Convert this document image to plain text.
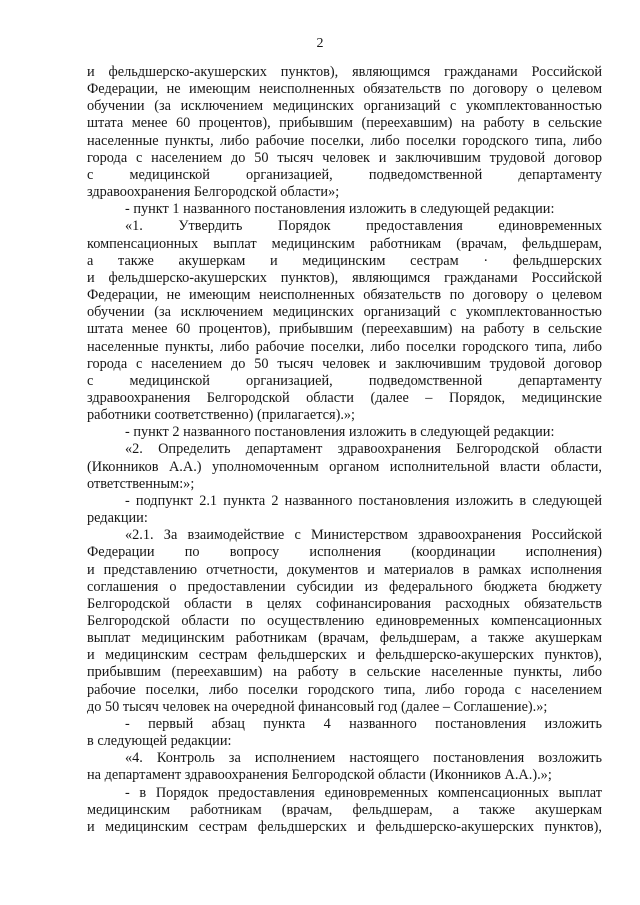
2

и фельдшерско-акушерских пунктов), являющимся гражданами Российской

Федерации, не имеющим неисполненных обязательств по договору о целевом

обучении (за исключением медицинских организаций с укомплектованностью

штата менее 60 процентов), прибывшим (переехавшим) на работу в сельские

населенные пункты, либо рабочие поселки, либо поселки городского типа, либо

города с населением до 50 тысяч человек и заключившим трудовой договор

с медицинской организацией, подведомственной департаменту

здравоохранения Белгородской области»;

- пункт 1 названного постановления изложить в следующей редакции:

«1. Утвердить Порядок предоставления единовременных

компенсационных выплат медицинским работникам (врачам, фельдшерам,

а также акушеркам и медицинским сестрам · фельдшерских

и фельдшерско-акушерских пунктов), являющимся гражданами Российской

Федерации, не имеющим неисполненных обязательств по договору о целевом

обучении (за исключением медицинских организаций с укомплектованностью

штата менее 60 процентов), прибывшим (переехавшим) на работу в сельские

населенные пункты, либо рабочие поселки, либо поселки городского типа, либо

города с населением до 50 тысяч человек и заключившим трудовой договор

с медицинской организацией, подведомственной департаменту

здравоохранения Белгородской области (далее – Порядок, медицинские

работники соответственно) (прилагается).»;

- пункт 2 названного постановления изложить в следующей редакции:

«2. Определить департамент здравоохранения Белгородской области

(Иконников А.А.) уполномоченным органом исполнительной власти области,

ответственным:»;

- подпункт 2.1 пункта 2 названного постановления изложить в следующей

редакции:

«2.1. За взаимодействие с Министерством здравоохранения Российской

Федерации по вопросу исполнения (координации исполнения)

и представлению отчетности, документов и материалов в рамках исполнения

соглашения о предоставлении субсидии из федерального бюджета бюджету

Белгородской области в целях софинансирования расходных обязательств

Белгородской области по осуществлению единовременных компенсационных

выплат медицинским работникам (врачам, фельдшерам, а также акушеркам

и медицинским сестрам фельдшерских и фельдшерско-акушерских пунктов),

прибывшим (переехавшим) на работу в сельские населенные пункты, либо

рабочие поселки, либо поселки городского типа, либо города с населением

до 50 тысяч человек на очередной финансовый год (далее – Соглашение).»;

- первый абзац пункта 4 названного постановления изложить

в следующей редакции:

«4. Контроль за исполнением настоящего постановления возложить

на департамент здравоохранения Белгородской области (Иконников А.А.).»;

- в Порядок предоставления единовременных компенсационных выплат

медицинским работникам (врачам, фельдшерам, а также акушеркам

и медицинским сестрам фельдшерских и фельдшерско-акушерских пунктов),
